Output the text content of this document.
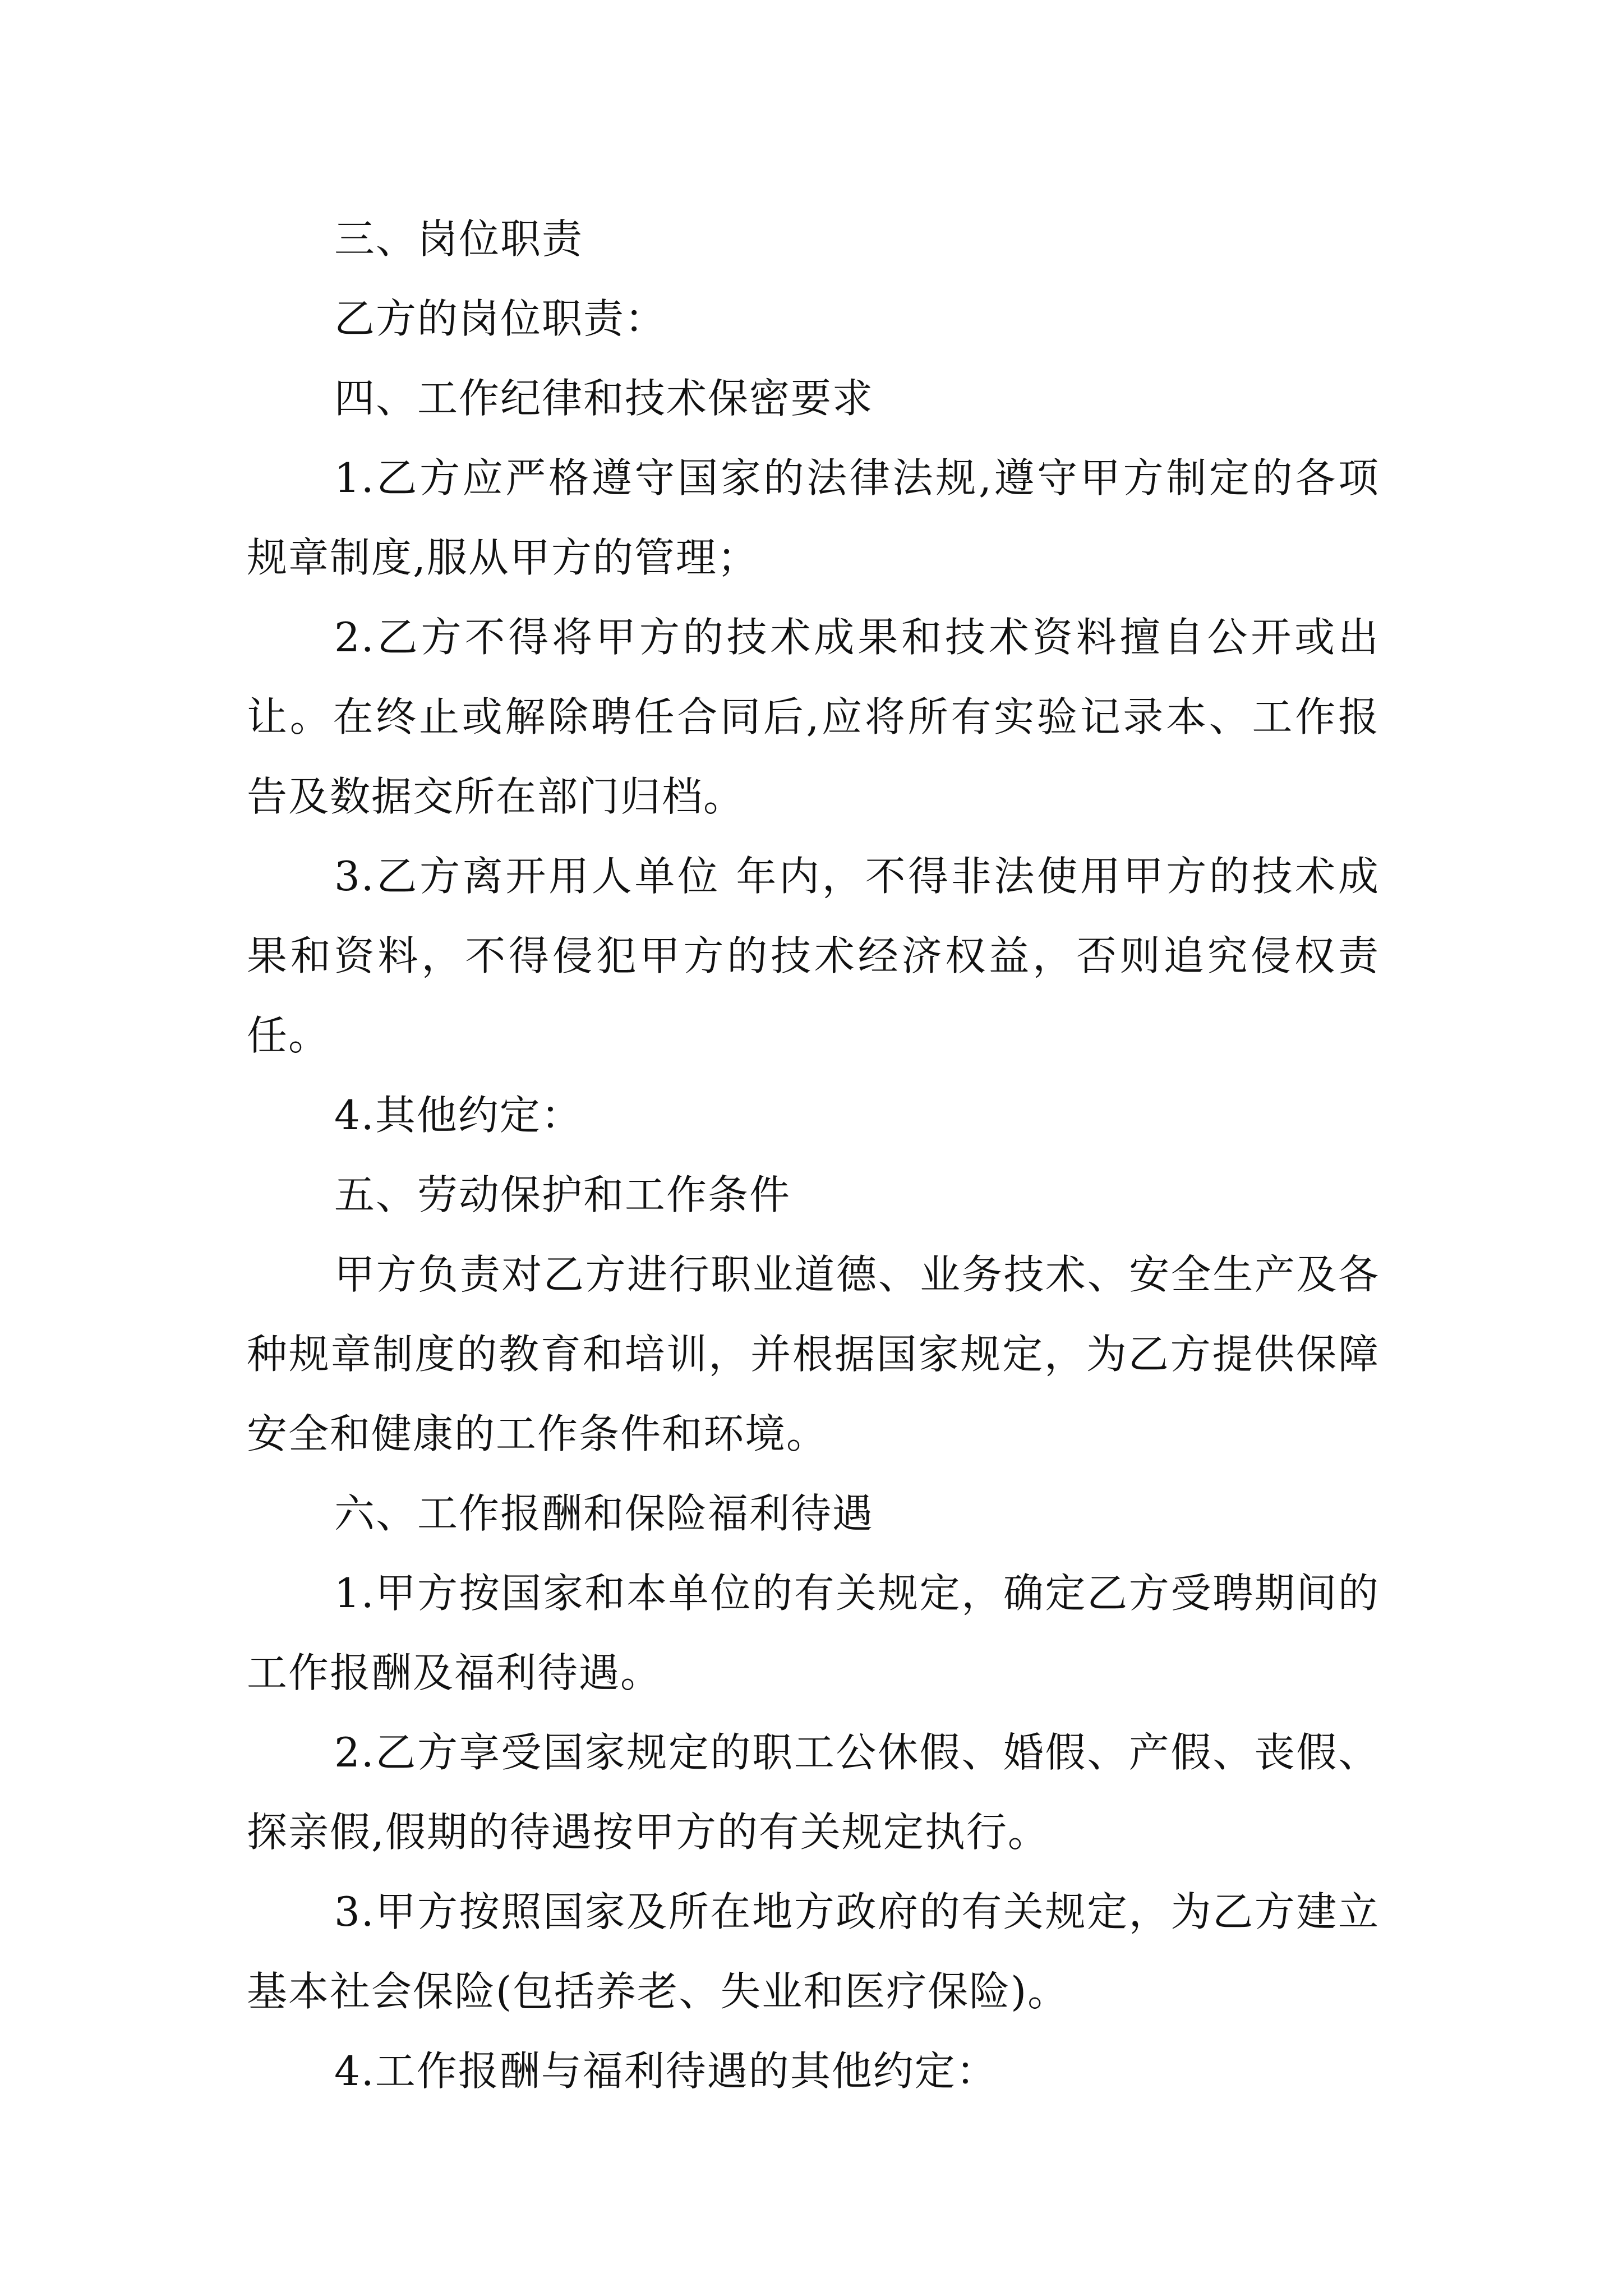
三、岗位职责

乙方的岗位职责：

四、工作纪律和技术保密要求

1.乙方应严格遵守国家的法律法规,遵守甲方制定的各项规章制度,服从甲方的管理；

2.乙方不得将甲方的技术成果和技术资料擅自公开或出让。在终止或解除聘任合同后,应将所有实验记录本、工作报告及数据交所在部门归档。

3.乙方离开用人单位 年内，不得非法使用甲方的技术成果和资料，不得侵犯甲方的技术经济权益，否则追究侵权责任。

4.其他约定：

五、劳动保护和工作条件

甲方负责对乙方进行职业道德、业务技术、安全生产及各种规章制度的教育和培训，并根据国家规定，为乙方提供保障安全和健康的工作条件和环境。

六、工作报酬和保险福利待遇

1.甲方按国家和本单位的有关规定，确定乙方受聘期间的工作报酬及福利待遇。

2.乙方享受国家规定的职工公休假、婚假、产假、丧假、探亲假,假期的待遇按甲方的有关规定执行。

3.甲方按照国家及所在地方政府的有关规定，为乙方建立基本社会保险(包括养老、失业和医疗保险)。

4.工作报酬与福利待遇的其他约定：
